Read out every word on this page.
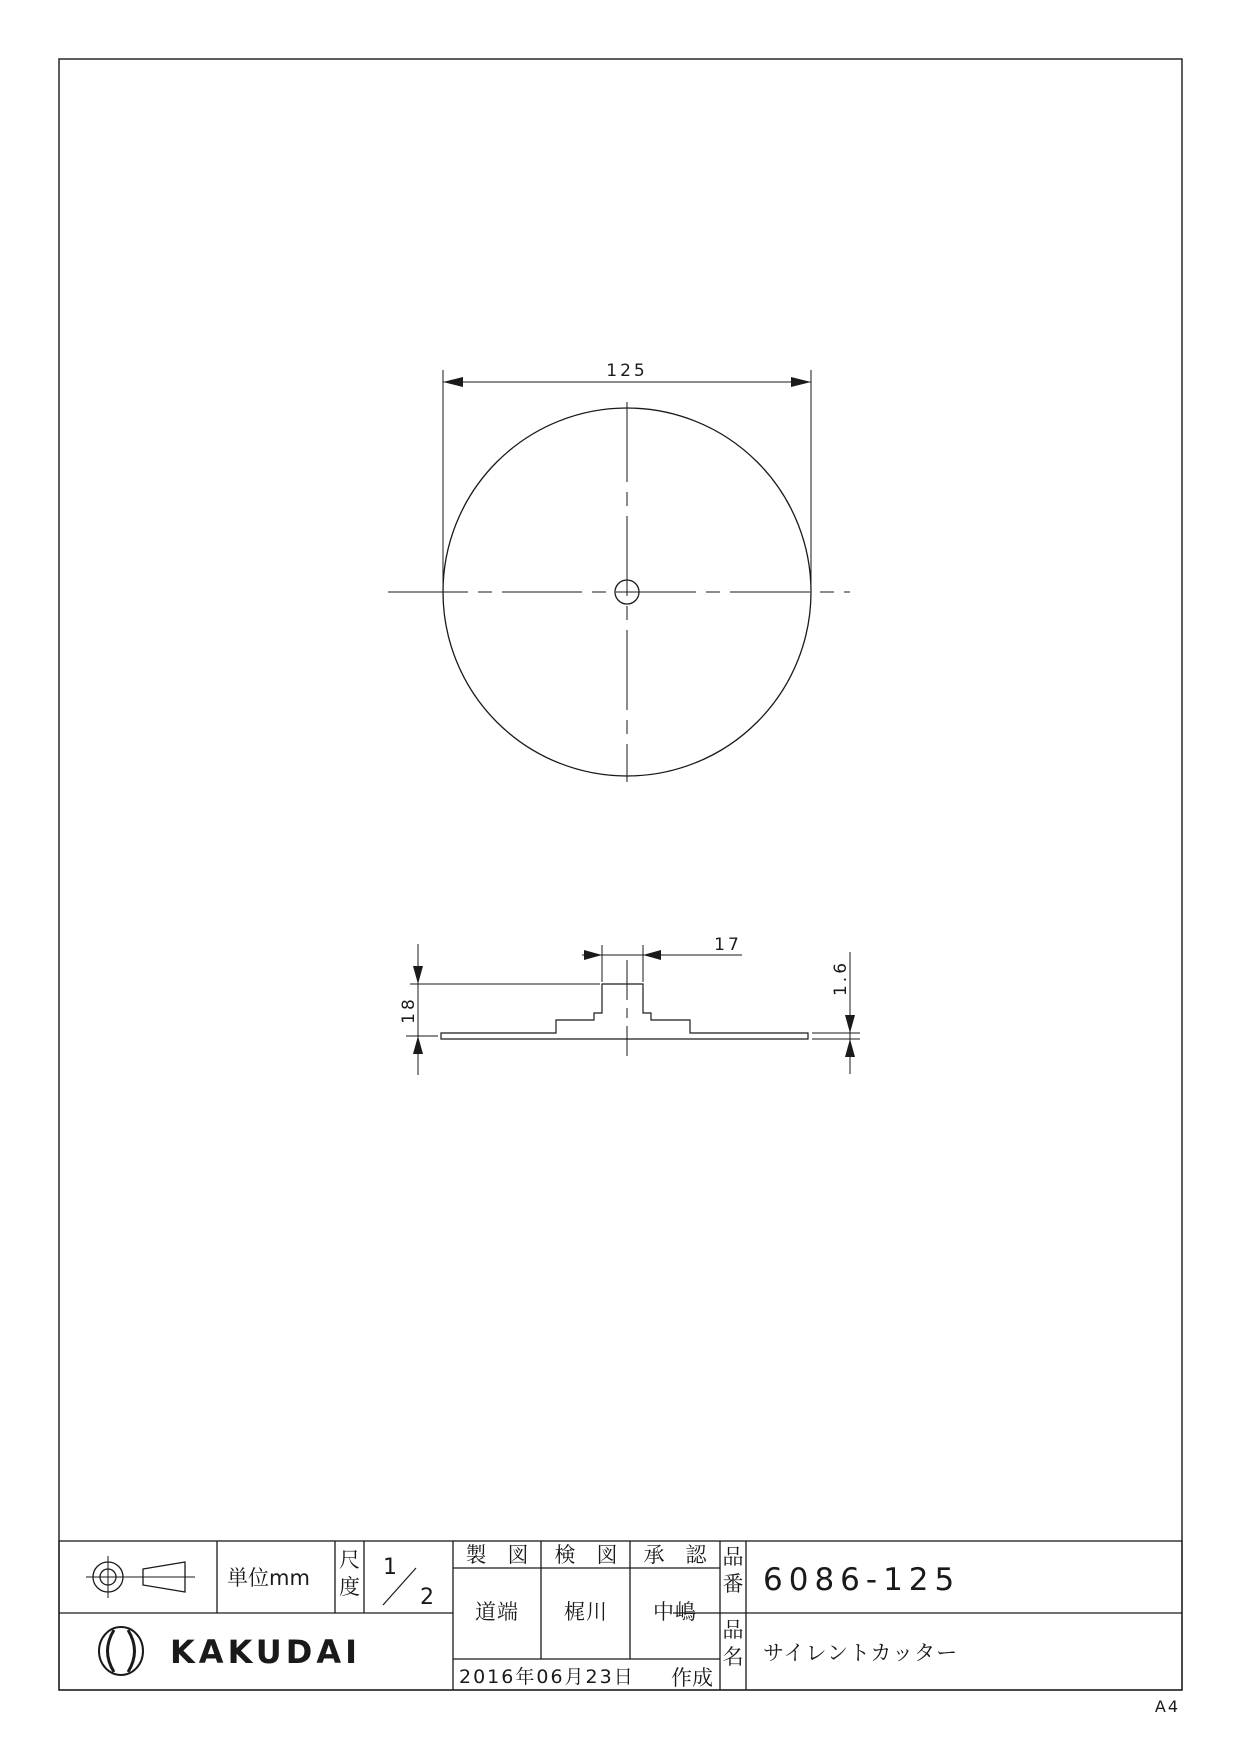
125
18
17
1.6
単位mm
尺
度
1
2
製　図 検　図 承　認
道端 梶川 中嶋
品
番 6086-125
品
名 サイレントカッター
2016年06月23日 作成
KAKUDAI
A4
